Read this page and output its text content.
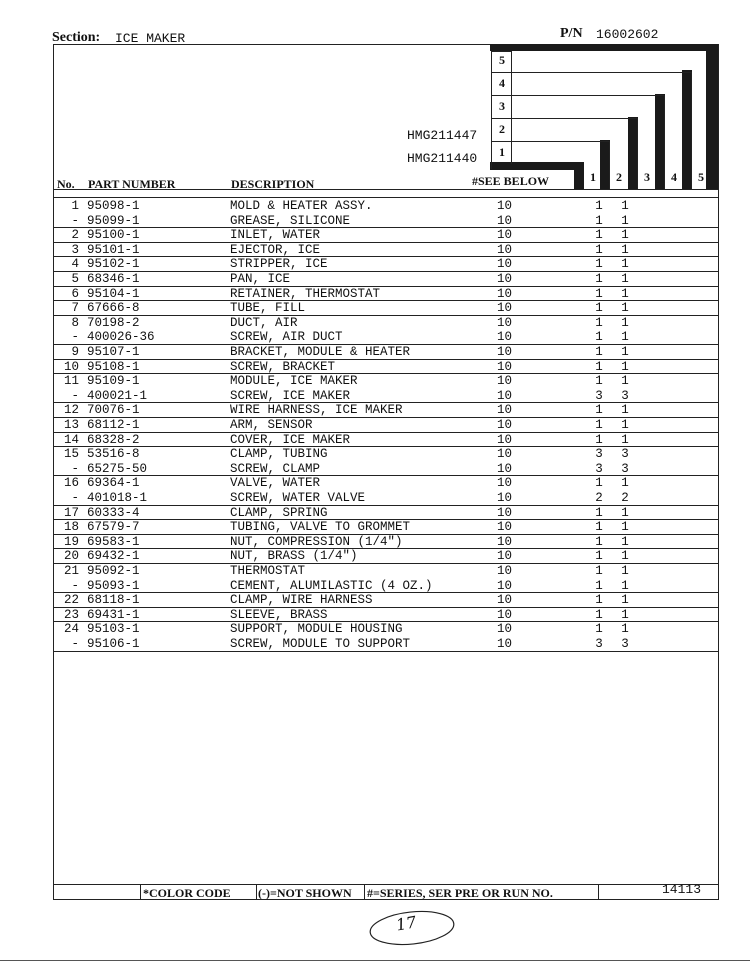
Section: ICE MAKER	P/N 16002602
5
4
3
2
1
1	2	3	4	5
HMG211447
HMG211440
No. PART NUMBER	DESCRIPTION	#SEE BELOW
1 95098-1	MOLD & HEATER ASSY.	10	1 1
- 95099-1	GREASE, SILICONE	10	1 1
2 95100-1	INLET, WATER	10	1 1
3 95101-1	EJECTOR, ICE	10	1 1
4 95102-1	STRIPPER, ICE	10	1 1
5 68346-1	PAN, ICE	10	1 1
6 95104-1	RETAINER, THERMOSTAT	10	1 1
7 67666-8	TUBE, FILL	10	1 1
8 70198-2	DUCT, AIR	10	1 1
- 400026-36	SCREW, AIR DUCT	10	1 1
9 95107-1	BRACKET, MODULE & HEATER	10	1 1
10 95108-1	SCREW, BRACKET	10	1 1
11 95109-1	MODULE, ICE MAKER	10	1 1
- 400021-1	SCREW, ICE MAKER	10	3 3
12 70076-1	WIRE HARNESS, ICE MAKER	10	1 1
13 68112-1	ARM, SENSOR	10	1 1
14 68328-2	COVER, ICE MAKER	10	1 1
15 53516-8	CLAMP, TUBING	10	3 3
- 65275-50	SCREW, CLAMP	10	3 3
16 69364-1	VALVE, WATER	10	1 1
- 401018-1	SCREW, WATER VALVE	10	2 2
17 60333-4	CLAMP, SPRING	10	1 1
18 67579-7	TUBING, VALVE TO GROMMET	10	1 1
19 69583-1	NUT, COMPRESSION (1/4")	10	1 1
20 69432-1	NUT, BRASS (1/4")	10	1 1
21 95092-1	THERMOSTAT	10	1 1
- 95093-1	CEMENT, ALUMILASTIC (4 OZ.)	10	1 1
22 68118-1	CLAMP, WIRE HARNESS	10	1 1
23 69431-1	SLEEVE, BRASS	10	1 1
24 95103-1	SUPPORT, MODULE HOUSING	10	1 1
- 95106-1	SCREW, MODULE TO SUPPORT	10	3 3
*COLOR CODE (-)=NOT SHOWN #=SERIES, SER PRE OR RUN NO.	14113
17
